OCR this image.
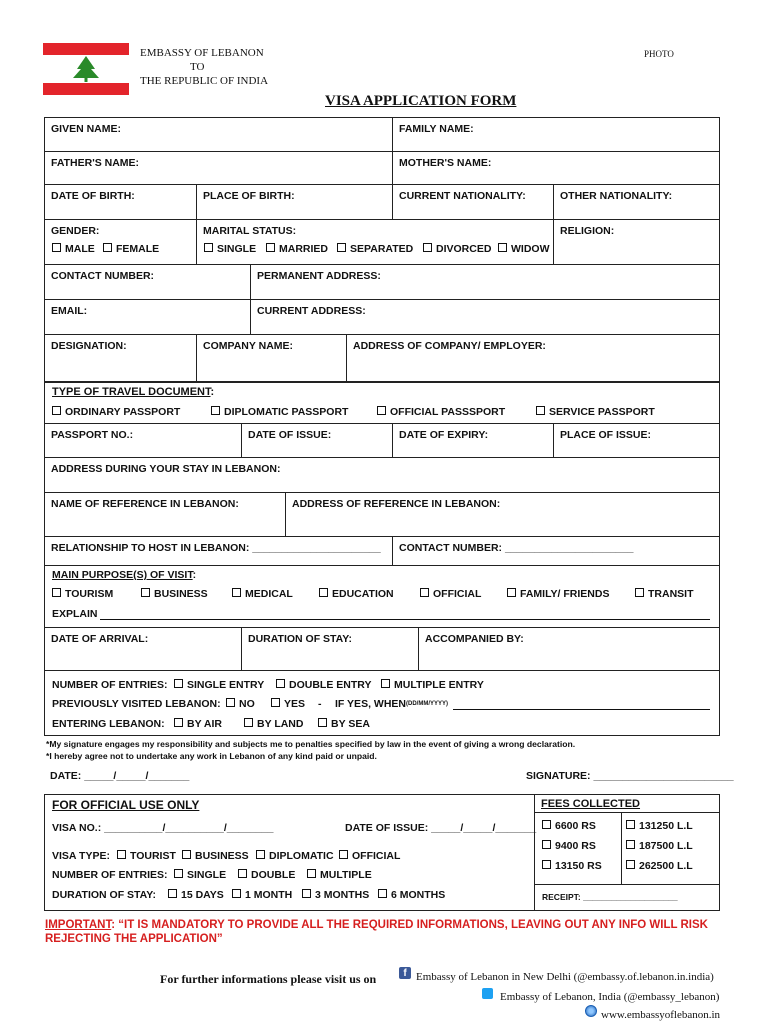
EMBASSY OF LEBANON
TO
THE REPUBLIC OF INDIA
PHOTO
VISA APPLICATION FORM
GIVEN NAME:	FAMILY NAME:
FATHER'S NAME:	MOTHER'S NAME:
DATE OF BIRTH:	PLACE OF BIRTH:	CURRENT NATIONALITY:	OTHER NATIONALITY:
GENDER:
MALE	FEMALE
MARITAL STATUS:
SINGLE	MARRIED	SEPARATED	DIVORCED	WIDOW
RELIGION:
CONTACT NUMBER:	PERMANENT ADDRESS:
EMAIL:	CURRENT ADDRESS:
DESIGNATION:	COMPANY NAME:	ADDRESS OF COMPANY/ EMPLOYER:
TYPE OF TRAVEL DOCUMENT:
ORDINARY PASSPORT	DIPLOMATIC PASSPORT	OFFICIAL PASSSPORT	SERVICE PASSPORT
PASSPORT NO.:	DATE OF ISSUE:	DATE OF EXPIRY:	PLACE OF ISSUE:
ADDRESS DURING YOUR STAY IN LEBANON:
NAME OF REFERENCE IN LEBANON:	ADDRESS OF REFERENCE IN LEBANON:
RELATIONSHIP TO HOST IN LEBANON: ______________________ CONTACT NUMBER: ______________________
MAIN PURPOSE(S) OF VISIT:
TOURISM	BUSINESS	MEDICAL	EDUCATION	OFFICIAL	FAMILY/ FRIENDS	TRANSIT
EXPLAIN
DATE OF ARRIVAL:	DURATION OF STAY:	ACCOMPANIED BY:
NUMBER OF ENTRIES:	SINGLE ENTRY	DOUBLE ENTRY	MULTIPLE ENTRY
PREVIOUSLY VISITED LEBANON:	NO	YES - IF YES, WHEN (DD/MM/YYYY)
ENTERING LEBANON:	BY AIR	BY LAND	BY SEA
*My signature engages my responsibility and subjects me to penalties specified by law in the event of giving a wrong declaration.
*I hereby agree not to undertake any work in Lebanon of any kind paid or unpaid.
DATE: _____/_____/_______	SIGNATURE: ________________________
FOR OFFICIAL USE ONLY
VISA NO.: __________/__________/________	DATE OF ISSUE: _____/_____/_______
VISA TYPE:	TOURIST	BUSINESS	DIPLOMATIC	OFFICIAL
NUMBER OF ENTRIES:	SINGLE	DOUBLE	MULTIPLE
DURATION OF STAY:	15 DAYS	1 MONTH	3 MONTHS	6 MONTHS
FEES COLLECTED
6600 RS	131250 L.L
9400 RS	187500 L.L
13150 RS	262500 L.L
RECEIPT: ____________________
IMPORTANT: “IT IS MANDATORY TO PROVIDE ALL THE REQUIRED INFORMATIONS, LEAVING OUT ANY INFO WILL RISK REJECTING THE APPLICATION”
For further informations please visit us on	f Embassy of Lebanon in New Delhi (@embassy.of.lebanon.in.india)
Embassy of Lebanon, India (@embassy_lebanon)
www.embassyoflebanon.in
